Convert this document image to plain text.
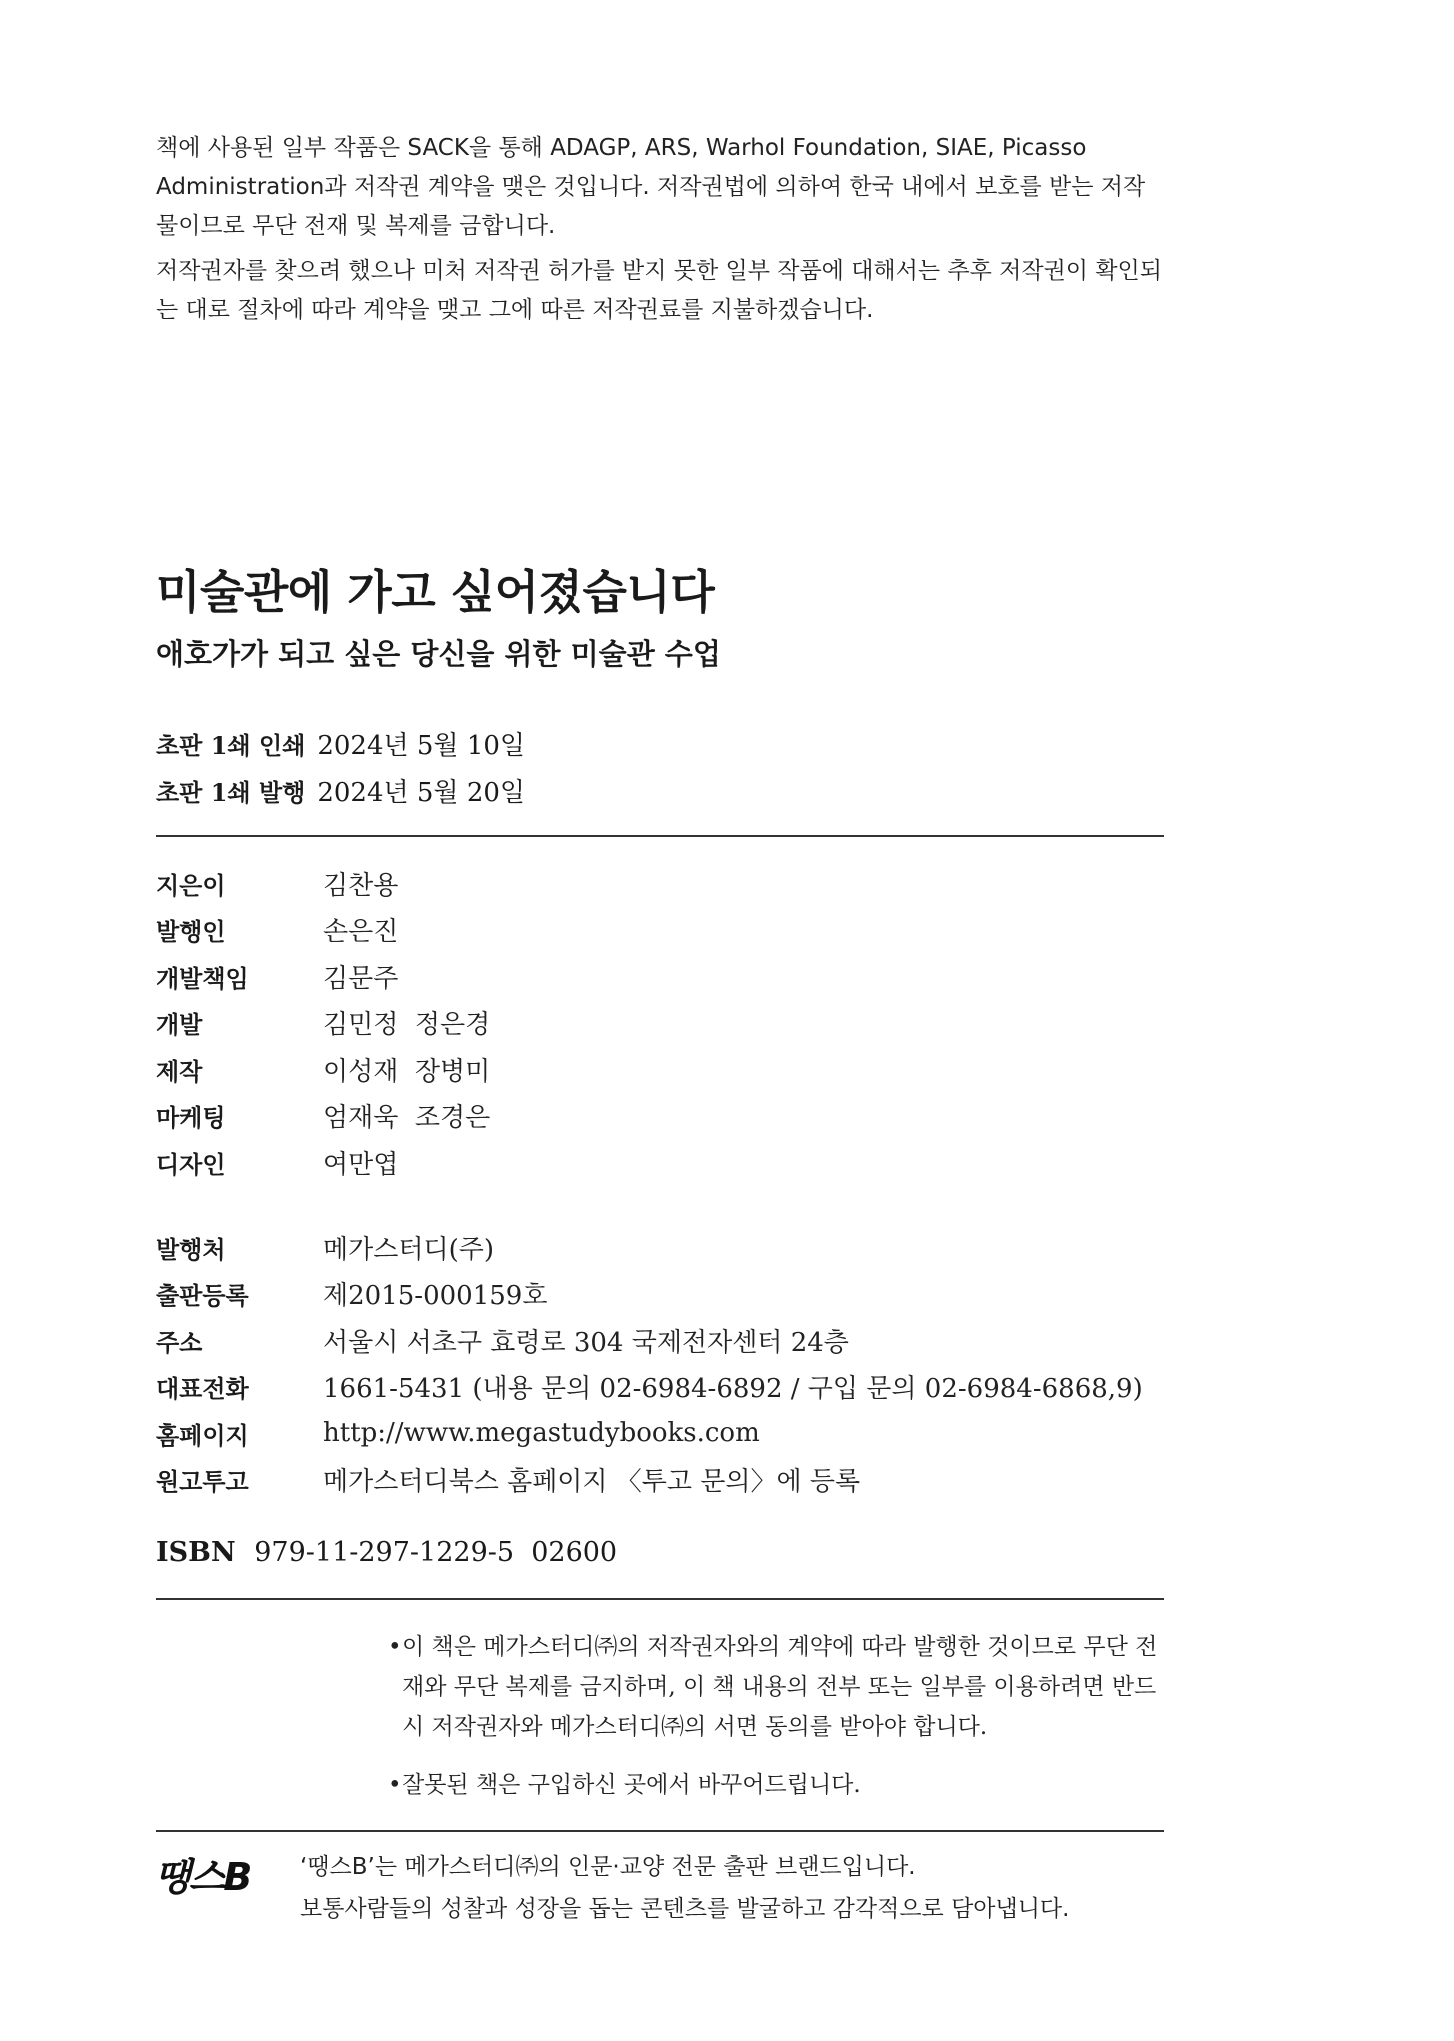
책에 사용된 일부 작품은 SACK을 통해 ADAGP, ARS, Warhol Foundation, SIAE, Picasso Administration과 저작권 계약을 맺은 것입니다. 저작권법에 의하여 한국 내에서 보호를 받는 저작물이므로 무단 전재 및 복제를 금합니다.

저작권자를 찾으려 했으나 미처 저작권 허가를 받지 못한 일부 작품에 대해서는 추후 저작권이 확인되는 대로 절차에 따라 계약을 맺고 그에 따른 저작권료를 지불하겠습니다.

미술관에 가고 싶어졌습니다
애호가가 되고 싶은 당신을 위한 미술관 수업
초판 1쇄 인쇄 2024년 5월 10일
초판 1쇄 발행 2024년 5월 20일
지은이	김찬용
발행인	손은진
개발책임	김문주
개발	김민정  정은경
제작	이성재  장병미
마케팅	엄재욱  조경은
디자인	여만엽
발행처	메가스터디(주)
출판등록	제2015-000159호
주소	서울시 서초구 효령로 304 국제전자센터 24층
대표전화	1661-5431 (내용 문의 02-6984-6892 / 구입 문의 02-6984-6868,9)
홈페이지	http://www.megastudybooks.com
원고투고	메가스터디북스 홈페이지 〈투고 문의〉에 등록
ISBN 979-11-297-1229-5  02600
• 이 책은 메가스터디㈜의 저작권자와의 계약에 따라 발행한 것이므로 무단 전재와 무단 복제를 금지하며, 이 책 내용의 전부 또는 일부를 이용하려면 반드시 저작권자와 메가스터디㈜의 서면 동의를 받아야 합니다.
• 잘못된 책은 구입하신 곳에서 바꾸어드립니다.
땡스B ‘땡스B’는 메가스터디㈜의 인문·교양 전문 출판 브랜드입니다.

보통사람들의 성찰과 성장을 돕는 콘텐츠를 발굴하고 감각적으로 담아냅니다.
